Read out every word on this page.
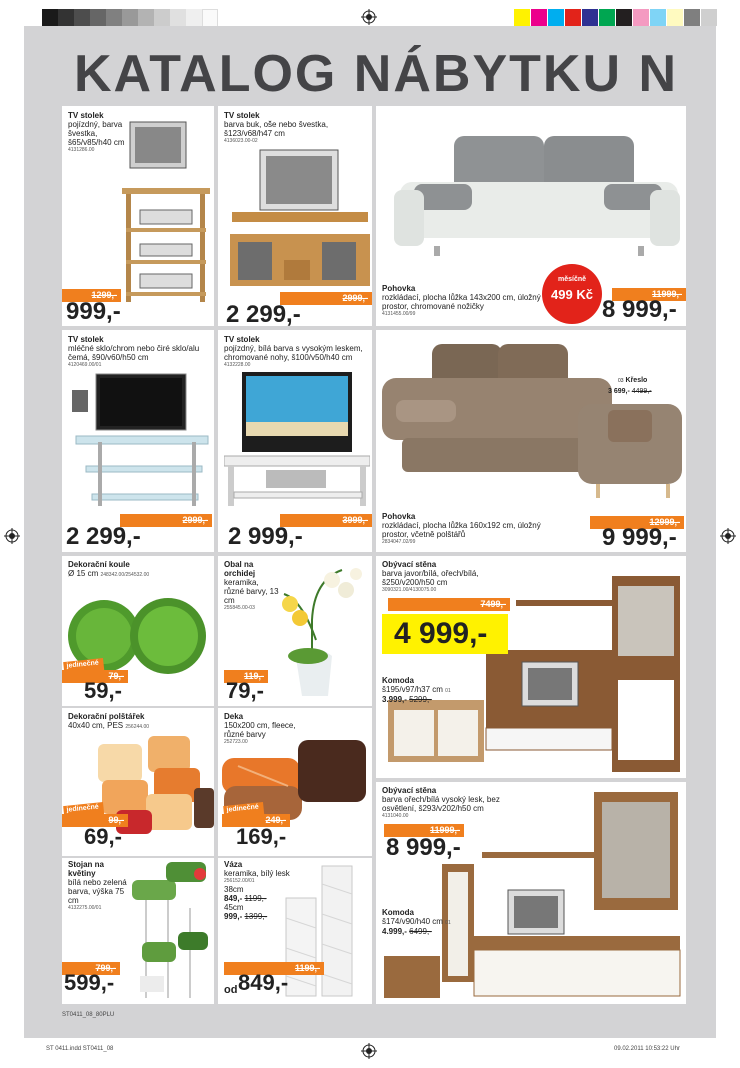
KATALOG NÁBYTKU N
TV stolek
pojízdný, barva švestka, š65/v85/h40 cm
4131286.00
1299,-
999,-
TV stolek
barva buk, oš̌e nebo švestka, š123/v68/h47 cm
4136023.00-02
2999,-
2 299,-
Pohovka
rozkládací, plocha lůžka 143x200 cm, úložný prostor, chromované nožičky
4131455.00/99
měsíčně
499 Kč	11999,-
8 999,-
TV stolek
mléčné sklo/chrom nebo čiré sklo/alu čemá, š90/v60/h50 cm
4120469.00/01
2999,-
2 299,-
TV stolek
pojízdný, bílá barva s vysokým leskem, chromované nohy, š100/v50/h40 cm
4132228.00
3999,-
2 999,-
Pohovka
rozkládací, plocha lůžka 160x192 cm, úložný prostor, včetně polštářů
2834047.02/99
03 Křeslo
3 699,- 4499,-
12999,-
9 999,-
Dekorační koule
Ø 15 cm 248342.00/254532.00
jedinečné
79,-
59,-
Obal na orchidej
keramika, různé barvy, 13 cm
255845.00-03
119,-
79,-
Obývací stěna
barva javor/bílá, ořech/bílá, š250/v200/h50 cm
3090321.00/4130075.00
7499,-
4 999,-
Komoda
š195/v97/h37 cm 01
3.999,- 5299,-
Dekorační polštářek
40x40 cm, PES 256244.00
jedinečné
99,-
69,-
Deka
150x200 cm, fleece, různé barvy
252723.00
jedinečné
249,-
169,-
Obývací stěna
barva ořech/bílá vysoký lesk, bez osvětlení, š293/v202/h50 cm
4131040.00
11999,-
8 999,-
Komoda
š174/v90/h40 cm 01
4.999,- 6499,-
Stojan na květiny
bílá nebo zelená barva, výška 75 cm
4132275.00/01
799,-
599,-
Váza
keramika, bílý lesk
256152.00/01
38cm
849,- 1199,-
45cm
999,- 1399,-
1199,-
od 849,-
ST0411_08_80PLU
ST 0411.indd ST0411_08	09.02.2011 10:53:22 Uhr
